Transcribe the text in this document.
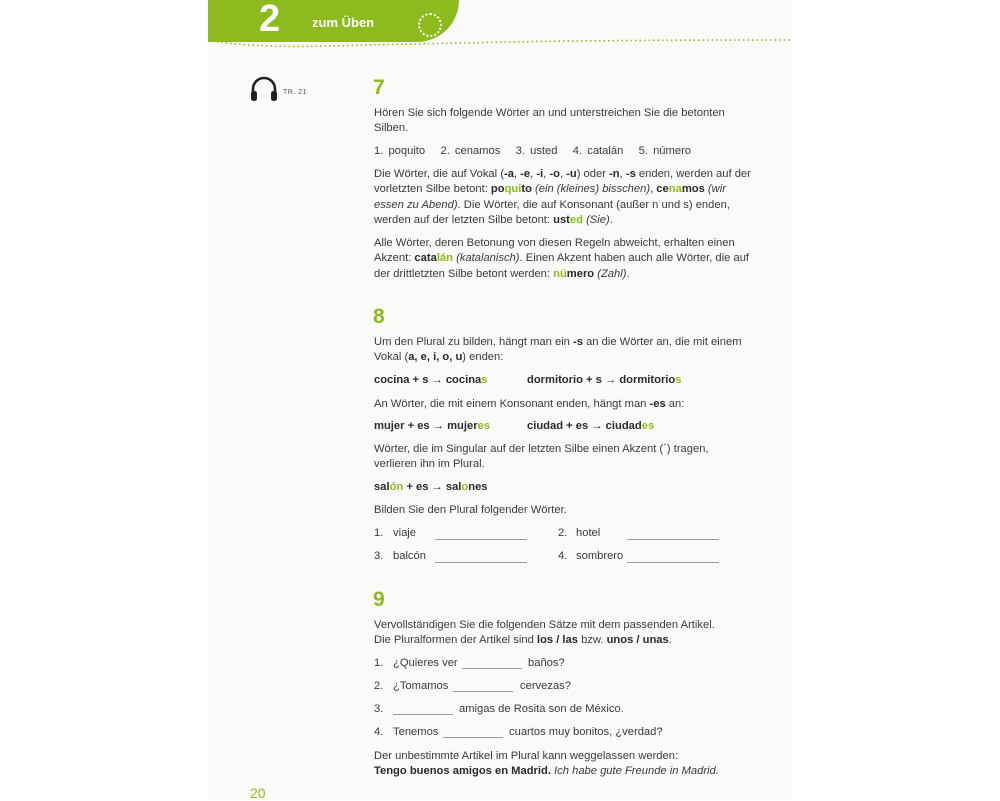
2 zum Üben
TR. 21	7
Hören Sie sich folgende Wörter an und unterstreichen Sie die betonten Silben.
1. poquito 2. cenamos 3. usted 4. catalán 5. número
Die Wörter, die auf Vokal (-a, -e, -i, -o, -u) oder -n, -s enden, werden auf der vorletzten Silbe betont: poquito (ein (kleines) bisschen), cenamos (wir essen zu Abend). Die Wörter, die auf Konsonant (außer n und s) enden, werden auf der letzten Silbe betont: usted (Sie).
Alle Wörter, deren Betonung von diesen Regeln abweicht, erhalten einen Akzent: catalán (katalanisch). Einen Akzent haben auch alle Wörter, die auf der drittletzten Silbe betont werden: número (Zahl).
8
Um den Plural zu bilden, hängt man ein -s an die Wörter an, die mit einem Vokal (a, e, i, o, u) enden:
cocina + s → cocinas	dormitorio + s → dormitorios
An Wörter, die mit einem Konsonant enden, hängt man -es an:
mujer + es → mujeres	ciudad + es → ciudades
Wörter, die im Singular auf der letzten Silbe einen Akzent (´) tragen, verlieren ihn im Plural.
salón + es → salones
Bilden Sie den Plural folgender Wörter.
1. viaje	2. hotel
3. balcón	4. sombrero
9
Vervollständigen Sie die folgenden Sätze mit dem passenden Artikel.
Die Pluralformen der Artikel sind los / las bzw. unos / unas.
1. ¿Quieres ver	baños?
2. ¿Tomamos	cervezas?
3.	amigas de Rosita son de México.
4. Tenemos	cuartos muy bonitos, ¿verdad?
Der unbestimmte Artikel im Plural kann weggelassen werden:
Tengo buenos amigos en Madrid. Ich habe gute Freunde in Madrid.
20
